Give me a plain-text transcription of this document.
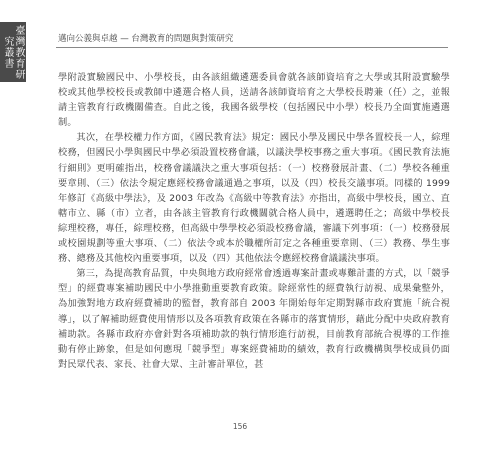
臺灣教育研究叢書	邁向公義與卓越 — 台灣教育的問題與對策研究

學附設實驗國民中、小學校長，由各該組織遴選委員會就各該師資培育之大學或其附設實驗學校或其他學校校長或教師中遴選合格人員，送請各該師資培育之大學校長聘兼（任）之，並報請主管教育行政機關備查。自此之後，我國各級學校（包括國民中小學）校長乃全面實施遴選制。

其次，在學校權力作方面，《國民教育法》規定：國民小學及國民中學各置校長一人，綜理校務，但國民小學與國民中學必須設置校務會議，以議決學校事務之重大事項。《國民教育法施行細則》更明確指出，校務會議議決之重大事項包括：（一）校務發展計畫、（二）學校各種重要章則、（三）依法令規定應經校務會議通過之事項，以及（四）校長交議事項。同樣的 1999 年修訂《高級中學法》，及 2003 年改為《高級中等教育法》亦指出，高級中學校長，國立、直轄市立、縣（市）立者，由各該主管教育行政機關就合格人員中，遴選聘任之；高級中學校長綜理校務，專任，綜理校務，但高級中學學校必須設校務會議，審議下列事項：（一）校務發展或校園規劃等重大事項、（二）依法令或本於職權所訂定之各種重要章則、（三）教務、學生事務、總務及其他校內重要事項，以及（四）其他依法令應經校務會議議決事項。

第三，為提高教育品質，中央與地方政府經常會透過專案計畫或專難計畫的方式，以「競爭型」的經費專案補助國民中小學推動重要教育政策。除經常性的經費執行訪視、成果彙整外，為加強對地方政府經費補助的監督，教育部自 2003 年開始每年定期對縣市政府實施「統合視導」，以了解補助經費使用情形以及各項教育政策在各縣市的落實情形，藉此分配中央政府教育補助款。各縣市政府亦會針對各項補助款的執行情形進行訪視，目前教育部統合視導的工作推動有停止跡象，但是如何應現「競爭型」專案經費補助的績效，教育行政機構與學校成員仍面對民眾代表、家長、社會大眾、主計審計單位，甚

156
